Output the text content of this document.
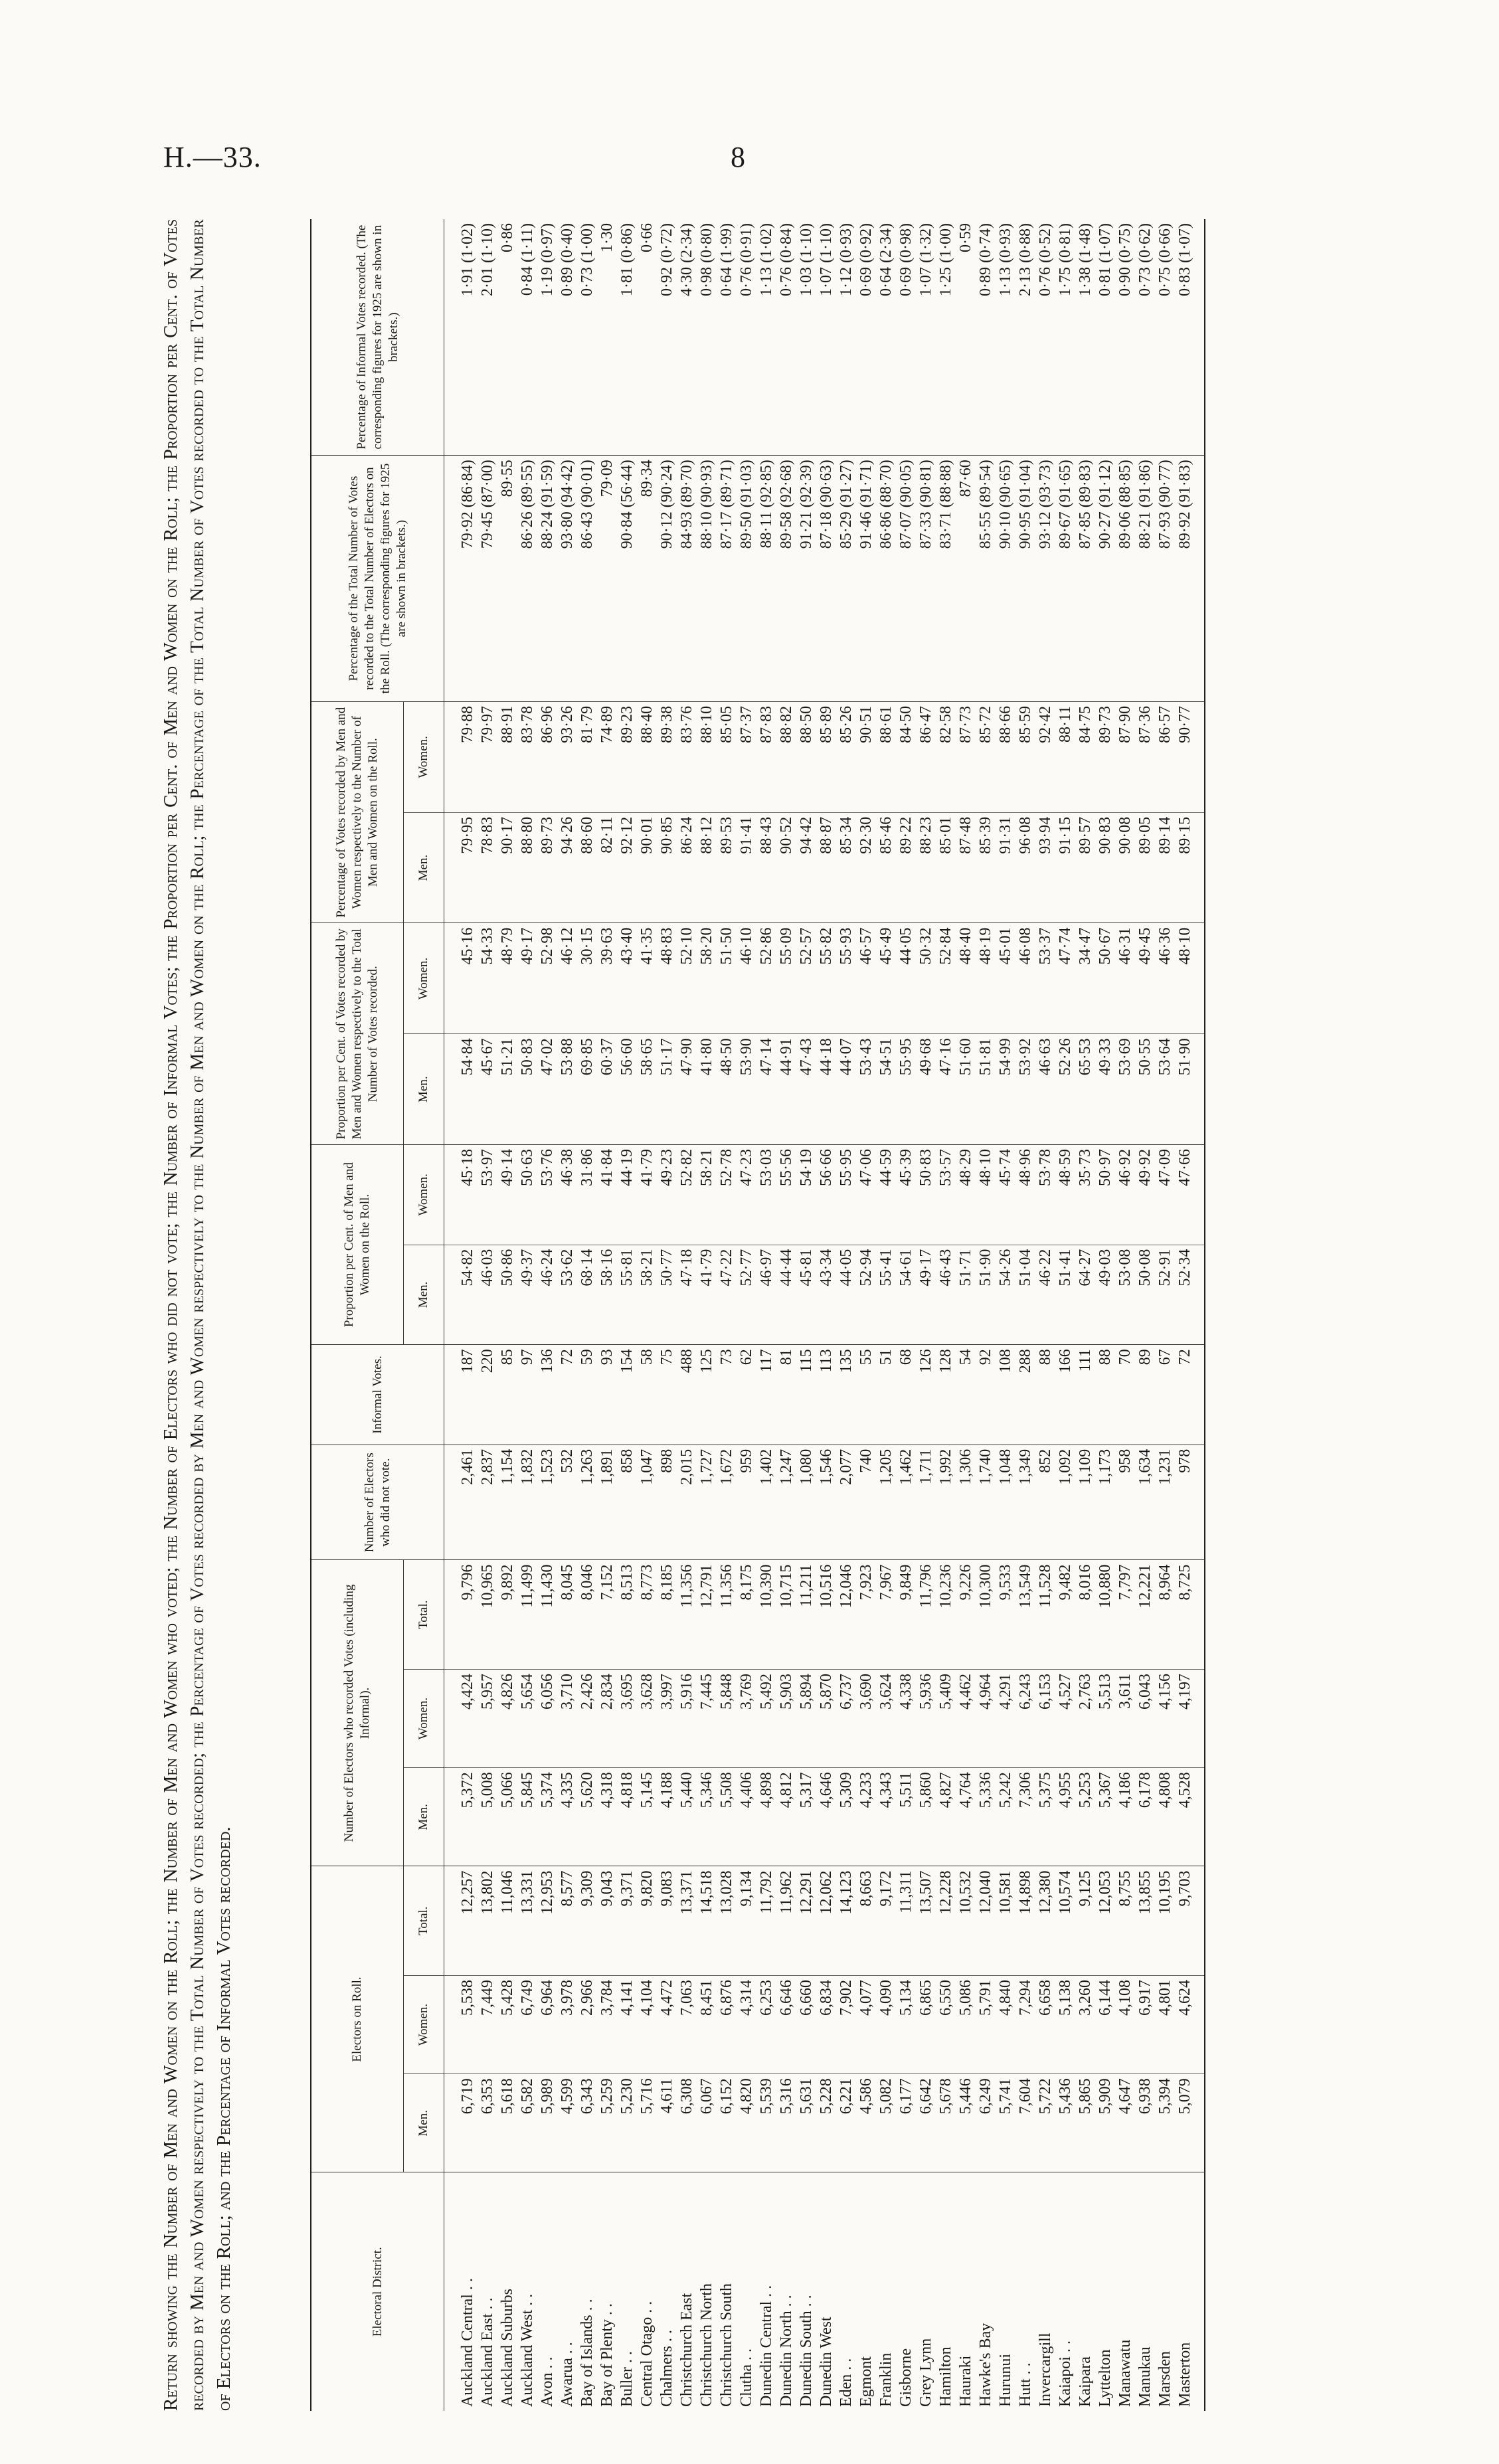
H.—33.	8
Return showing the Number of Men and Women on the Roll; the Number of Men and Women who voted; the Number of Electors who did not vote; the Number of Informal Votes; the Proportion per Cent. of Men and Women on the Roll; the Proportion per Cent. of Votes recorded by Men and Women respectively to the Total Number of Votes recorded; the Percentage of Votes recorded by Men and Women respectively to the Number of Men and Women on the Roll; the Percentage of the Total Number of Votes recorded to the Total Number of Electors on the Roll; and the Percentage of Informal Votes recorded.	Electoral District.	Electors on Roll.			Number of Electors who recorded Votes (including Informal).			Number of Electors who did not vote.	Informal Votes.	Proportion per Cent. of Men and Women on the Roll.		Proportion per Cent. of Votes recorded by Men and Women respectively to the Total Number of Votes recorded.		Percentage of Votes recorded by Men and Women respectively to the Number of Men and Women on the Roll.		Percentage of the Total Number of Votes recorded to the Total Number of Electors on the Roll. (The corresponding figures for 1925 are shown in brackets.)	Percentage of Informal Votes recorded. (The corresponding figures for 1925 are shown in brackets.)
	Men.	Women.	Total.	Men.	Women.	Total.			Men.	Women.	Men.	Women.	Men.	Women.		
Auckland Central . .	6,719	5,538	12,257	5,372	4,424	9,796	2,461	187	54·82	45·18	54·84	45·16	79·95	79·88	79·92 (86·84)	1·91 (1·02)
Auckland East . .	6,353	7,449	13,802	5,008	5,957	10,965	2,837	220	46·03	53·97	45·67	54·33	78·83	79·97	79·45 (87·00)	2·01 (1·10)
Auckland Suburbs	5,618	5,428	11,046	5,066	4,826	9,892	1,154	85	50·86	49·14	51·21	48·79	90·17	88·91	89·55	0·86
Auckland West . .	6,582	6,749	13,331	5,845	5,654	11,499	1,832	97	49·37	50·63	50·83	49·17	88·80	83·78	86·26 (89·55)	0·84 (1·11)
Avon . .	5,989	6,964	12,953	5,374	6,056	11,430	1,523	136	46·24	53·76	47·02	52·98	89·73	86·96	88·24 (91·59)	1·19 (0·97)
Awarua . .	4,599	3,978	8,577	4,335	3,710	8,045	532	72	53·62	46·38	53·88	46·12	94·26	93·26	93·80 (94·42)	0·89 (0·40)
Bay of Islands . .	6,343	2,966	9,309	5,620	2,426	8,046	1,263	59	68·14	31·86	69·85	30·15	88·60	81·79	86·43 (90·01)	0·73 (1·00)
Bay of Plenty . .	5,259	3,784	9,043	4,318	2,834	7,152	1,891	93	58·16	41·84	60·37	39·63	82·11	74·89	79·09	1·30
Buller . .	5,230	4,141	9,371	4,818	3,695	8,513	858	154	55·81	44·19	56·60	43·40	92·12	89·23	90·84 (56·44)	1·81 (0·86)
Central Otago . .	5,716	4,104	9,820	5,145	3,628	8,773	1,047	58	58·21	41·79	58·65	41·35	90·01	88·40	89·34	0·66
Chalmers . .	4,611	4,472	9,083	4,188	3,997	8,185	898	75	50·77	49·23	51·17	48·83	90·85	89·38	90·12 (90·24)	0·92 (0·72)
Christchurch East	6,308	7,063	13,371	5,440	5,916	11,356	2,015	488	47·18	52·82	47·90	52·10	86·24	83·76	84·93 (89·70)	4·30 (2·34)
Christchurch North	6,067	8,451	14,518	5,346	7,445	12,791	1,727	125	41·79	58·21	41·80	58·20	88·12	88·10	88·10 (90·93)	0·98 (0·80)
Christchurch South	6,152	6,876	13,028	5,508	5,848	11,356	1,672	73	47·22	52·78	48·50	51·50	89·53	85·05	87·17 (89·71)	0·64 (1·99)
Clutha . .	4,820	4,314	9,134	4,406	3,769	8,175	959	62	52·77	47·23	53·90	46·10	91·41	87·37	89·50 (91·03)	0·76 (0·91)
Dunedin Central . .	5,539	6,253	11,792	4,898	5,492	10,390	1,402	117	46·97	53·03	47·14	52·86	88·43	87·83	88·11 (92·85)	1·13 (1·02)
Dunedin North . .	5,316	6,646	11,962	4,812	5,903	10,715	1,247	81	44·44	55·56	44·91	55·09	90·52	88·82	89·58 (92·68)	0·76 (0·84)
Dunedin South . .	5,631	6,660	12,291	5,317	5,894	11,211	1,080	115	45·81	54·19	47·43	52·57	94·42	88·50	91·21 (92·39)	1·03 (1·10)
Dunedin West	5,228	6,834	12,062	4,646	5,870	10,516	1,546	113	43·34	56·66	44·18	55·82	88·87	85·89	87·18 (90·63)	1·07 (1·10)
Eden . .	6,221	7,902	14,123	5,309	6,737	12,046	2,077	135	44·05	55·95	44·07	55·93	85·34	85·26	85·29 (91·27)	1·12 (0·93)
Egmont	4,586	4,077	8,663	4,233	3,690	7,923	740	55	52·94	47·06	53·43	46·57	92·30	90·51	91·46 (91·71)	0·69 (0·92)
Franklin	5,082	4,090	9,172	4,343	3,624	7,967	1,205	51	55·41	44·59	54·51	45·49	85·46	88·61	86·86 (88·70)	0·64 (2·34)
Gisborne	6,177	5,134	11,311	5,511	4,338	9,849	1,462	68	54·61	45·39	55·95	44·05	89·22	84·50	87·07 (90·05)	0·69 (0·98)
Grey Lynn	6,642	6,865	13,507	5,860	5,936	11,796	1,711	126	49·17	50·83	49·68	50·32	88·23	86·47	87·33 (90·81)	1·07 (1·32)
Hamilton	5,678	6,550	12,228	4,827	5,409	10,236	1,992	128	46·43	53·57	47·16	52·84	85·01	82·58	83·71 (88·88)	1·25 (1·00)
Hauraki	5,446	5,086	10,532	4,764	4,462	9,226	1,306	54	51·71	48·29	51·60	48·40	87·48	87·73	87·60	0·59
Hawke's Bay	6,249	5,791	12,040	5,336	4,964	10,300	1,740	92	51·90	48·10	51·81	48·19	85·39	85·72	85·55 (89·54)	0·89 (0·74)
Hurunui	5,741	4,840	10,581	5,242	4,291	9,533	1,048	108	54·26	45·74	54·99	45·01	91·31	88·66	90·10 (90·65)	1·13 (0·93)
Hutt . .	7,604	7,294	14,898	7,306	6,243	13,549	1,349	288	51·04	48·96	53·92	46·08	96·08	85·59	90·95 (91·04)	2·13 (0·88)
Invercargill	5,722	6,658	12,380	5,375	6,153	11,528	852	88	46·22	53·78	46·63	53·37	93·94	92·42	93·12 (93·73)	0·76 (0·52)
Kaiapoi . .	5,436	5,138	10,574	4,955	4,527	9,482	1,092	166	51·41	48·59	52·26	47·74	91·15	88·11	89·67 (91·65)	1·75 (0·81)
Kaipara	5,865	3,260	9,125	5,253	2,763	8,016	1,109	111	64·27	35·73	65·53	34·47	89·57	84·75	87·85 (89·83)	1·38 (1·48)
Lyttelton	5,909	6,144	12,053	5,367	5,513	10,880	1,173	88	49·03	50·97	49·33	50·67	90·83	89·73	90·27 (91·12)	0·81 (1·07)
Manawatu	4,647	4,108	8,755	4,186	3,611	7,797	958	70	53·08	46·92	53·69	46·31	90·08	87·90	89·06 (88·85)	0·90 (0·75)
Manukau	6,938	6,917	13,855	6,178	6,043	12,221	1,634	89	50·08	49·92	50·55	49·45	89·05	87·36	88·21 (91·86)	0·73 (0·62)
Marsden	5,394	4,801	10,195	4,808	4,156	8,964	1,231	67	52·91	47·09	53·64	46·36	89·14	86·57	87·93 (90·77)	0·75 (0·66)
Masterton	5,079	4,624	9,703	4,528	4,197	8,725	978	72	52·34	47·66	51·90	48·10	89·15	90·77	89·92 (91·83)	0·83 (1·07)
